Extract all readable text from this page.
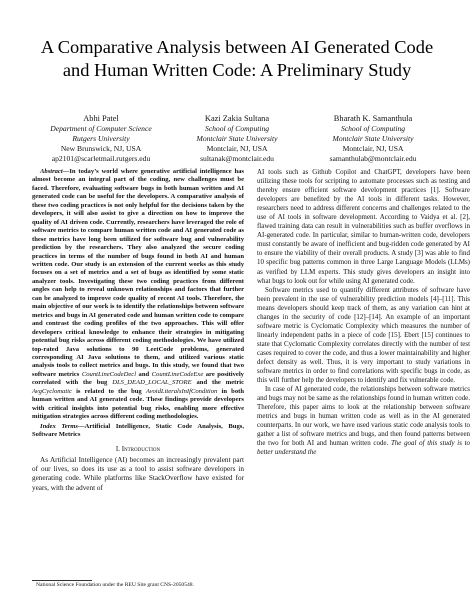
A Comparative Analysis between AI Generated Code and Human Written Code: A Preliminary Study
Abhi Patel
Department of Computer Science
Rutgers University
New Brunswick, NJ, USA
ap2101@scarletmail.rutgers.edu
Kazi Zakia Sultana
School of Computing
Montclair State University
Montclair, NJ, USA
sultanak@montclair.edu
Bharath K. Samanthula
School of Computing
Montclair State University
Montclair, NJ, USA
samanthulab@montclair.edu

Abstract—In today’s world where generative artificial intelligence has almost become an integral part of the coding, new challenges must be faced. Therefore, evaluating software bugs in both human written and AI generated code can be useful for the developers. A comparative analysis of these two coding practices is not only helpful for the decisions taken by the developers, it will also assist to give a direction on how to improve the quality of AI driven code. Currently, researchers have leveraged the role of software metrics to compare human written code and AI generated code as these metrics have long been utilized for software bug and vulnerability prediction by the researchers. They also analyzed the secure coding practices in terms of the number of bugs found in both AI and human written code. Our study is an extension of the current works as this study focuses on a set of metrics and a set of bugs as identified by some static analyzer tools. Investigating these two coding practices from different angles can help to reveal unknown relationships and factors that further can be analyzed to improve code quality of recent AI tools. Therefore, the main objective of our work is to identify the relationships between software metrics and bugs in AI generated code and human written code to compare and contrast the coding profiles of the two approaches. This will offer developers critical knowledge to enhance their strategies in mitigating potential bug risks across different coding methodologies. We have utilized top-rated Java solutions to 90 LeetCode problems, generated corresponding AI Java solutions to them, and utilized various static analysis tools to collect metrics and bugs. In this study, we found that two software metrics CountLineCodeDecl and CountLineCodeExe are positively correlated with the bug DLS_DEAD_LOCAL_STORE and the metric AvgCyclomatic is related to the bug AvoidLiteralsInIfCondition in both human written and AI generated code. These findings provide developers with critical insights into potential bug risks, enabling more effective mitigation strategies across different coding methodologies.

Index Terms—Artificial Intelligence, Static Code Analysis, Bugs, Software Metrics

I. Introduction

As Artificial Intelligence (AI) becomes an increasingly prevalent part of our lives, so does its use as a tool to assist software developers in generating code. While platforms like StackOverflow have existed for years, with the advent of

AI tools such as Github Copilot and ChatGPT, developers have been utilizing these tools for scripting to automate processes such as testing and thereby ensure efficient software development practices [1]. Software developers are benefited by the AI tools in different tasks. However, researchers need to address different concerns and challenges related to the use of AI tools in software development. According to Vaidya et al. [2], flawed training data can result in vulnerabilities such as buffer overflows in AI-generated code. In particular, similar to human-written code, developers must constantly be aware of inefficient and bug-ridden code generated by AI to ensure the viability of their overall products. A study [3] was able to find 10 specific bug patterns common in three Large Language Models (LLMs) as verified by LLM experts. This study gives developers an insight into what bugs to look out for while using AI generated code.

Software metrics used to quantify different attributes of software have been prevalent in the use of vulnerability prediction models [4]–[11]. This means developers should keep track of them, as any variation can hint at changes in the security of code [12]–[14]. An example of an important software metric is Cyclomatic Complexity which measures the number of linearly independent paths in a piece of code [15]. Ebert [15] continues to state that Cyclomatic Complexity correlates directly with the number of test cases required to cover the code, and thus a lower maintainability and higher defect density as well. Thus, it is very important to study variations in software metrics in order to find correlations with specific bugs in code, as this will further help the developers to identify and fix vulnerable code.

In case of AI generated code, the relationships between software metrics and bugs may not be same as the relationships found in human written code. Therefore, this paper aims to look at the relationship between software metrics and bugs in human written code as well as in the AI generated counterparts. In our work, we have used various static code analysis tools to gather a list of software metrics and bugs, and then found patterns between the two for both AI and human written code. The goal of this study is to better understand the

National Science Foundation under the REU Site grant CNS-2050548.
